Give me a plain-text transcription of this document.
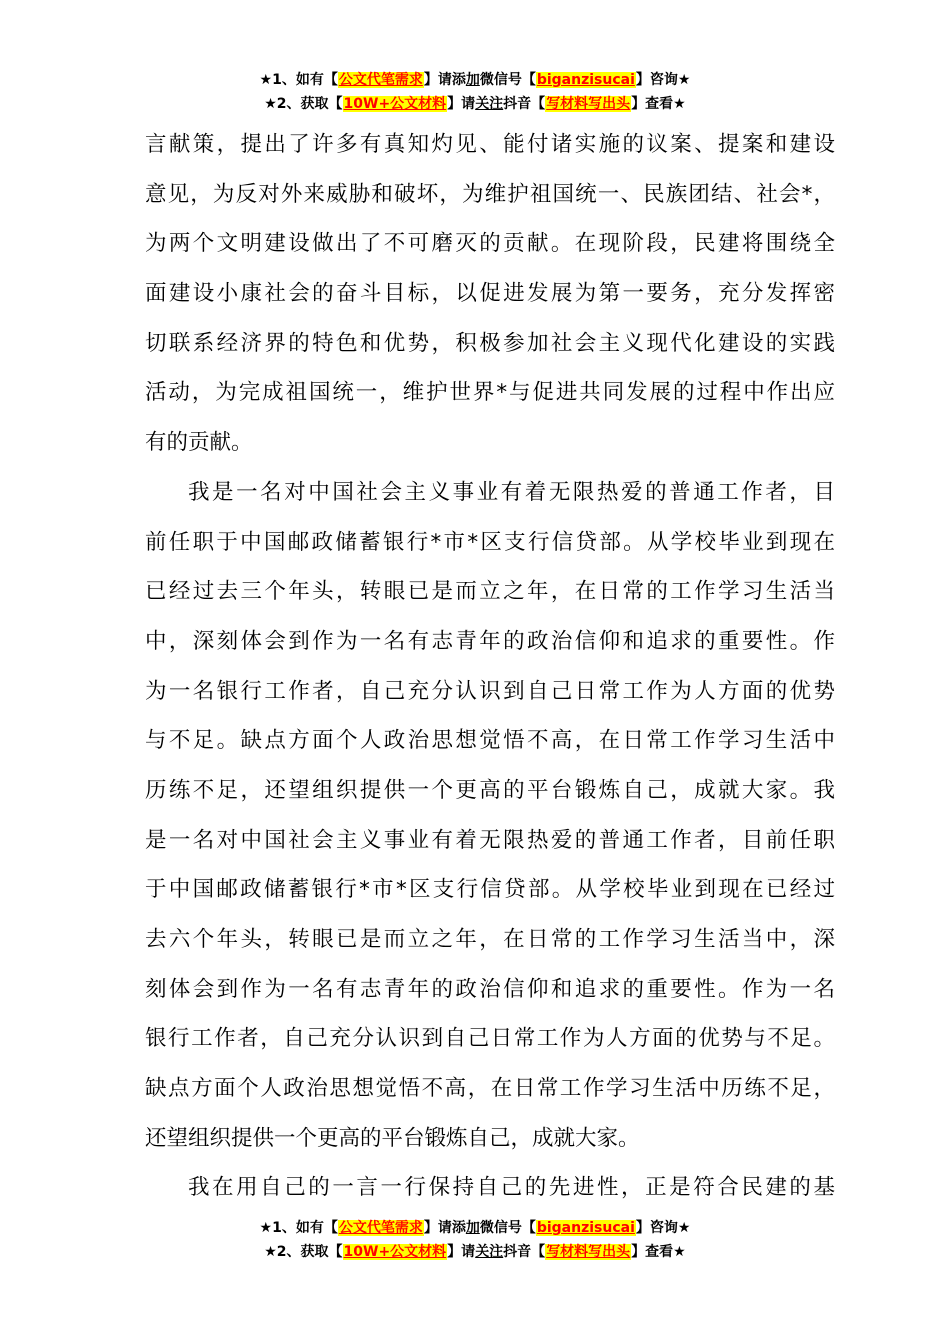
★1、如有【公文代笔需求】请添加微信号【biganzisucai】咨询★
★2、获取【10W+公文材料】请关注抖音【写材料写出头】查看★
言献策，提出了许多有真知灼见、能付诸实施的议案、提案和建设
意见，为反对外来威胁和破坏，为维护祖国统一、民族团结、社会*，
为两个文明建设做出了不可磨灭的贡献。在现阶段，民建将围绕全
面建设小康社会的奋斗目标，以促进发展为第一要务，充分发挥密
切联系经济界的特色和优势，积极参加社会主义现代化建设的实践
活动，为完成祖国统一，维护世界*与促进共同发展的过程中作出应
有的贡献。
我是一名对中国社会主义事业有着无限热爱的普通工作者，目
前任职于中国邮政储蓄银行*市*区支行信贷部。从学校毕业到现在
已经过去三个年头，转眼已是而立之年，在日常的工作学习生活当
中，深刻体会到作为一名有志青年的政治信仰和追求的重要性。作
为一名银行工作者，自己充分认识到自己日常工作为人方面的优势
与不足。缺点方面个人政治思想觉悟不高，在日常工作学习生活中
历练不足，还望组织提供一个更高的平台锻炼自己，成就大家。我
是一名对中国社会主义事业有着无限热爱的普通工作者，目前任职
于中国邮政储蓄银行*市*区支行信贷部。从学校毕业到现在已经过
去六个年头，转眼已是而立之年，在日常的工作学习生活当中，深
刻体会到作为一名有志青年的政治信仰和追求的重要性。作为一名
银行工作者，自己充分认识到自己日常工作为人方面的优势与不足。
缺点方面个人政治思想觉悟不高，在日常工作学习生活中历练不足，
还望组织提供一个更高的平台锻炼自己，成就大家。
我在用自己的一言一行保持自己的先进性，正是符合民建的基
★1、如有【公文代笔需求】请添加微信号【biganzisucai】咨询★
★2、获取【10W+公文材料】请关注抖音【写材料写出头】查看★
